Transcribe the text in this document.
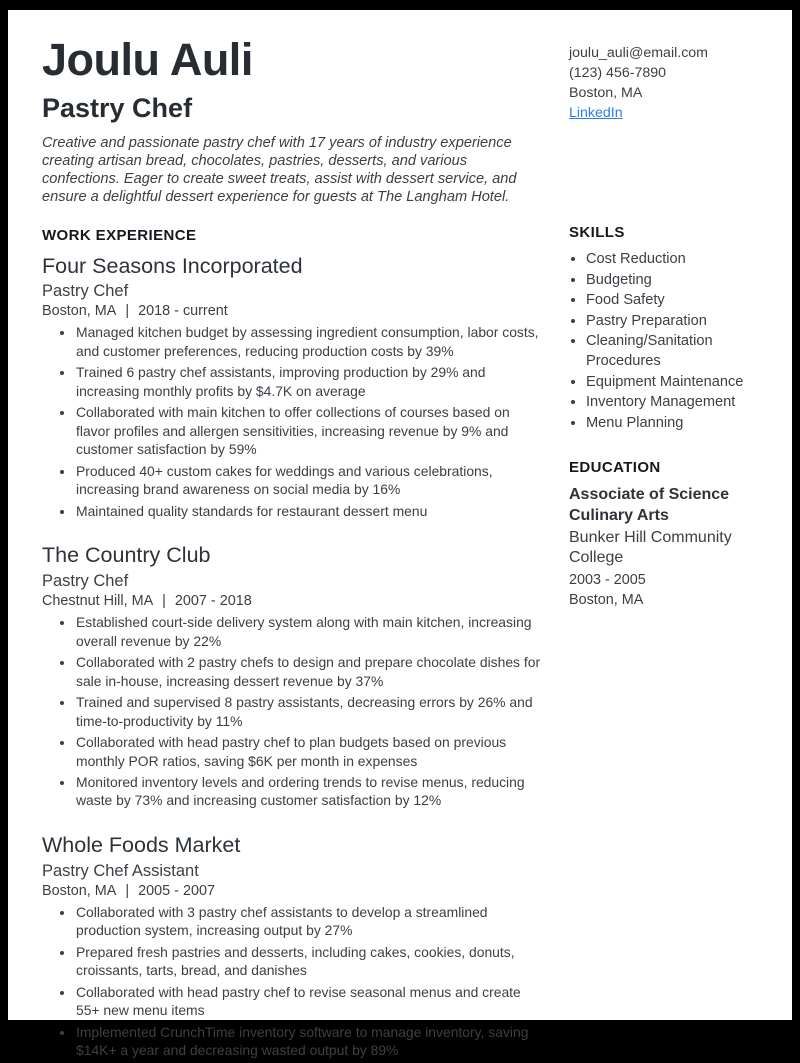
Joulu Auli
Pastry Chef

Creative and passionate pastry chef with 17 years of industry experience creating artisan bread, chocolates, pastries, desserts, and various confections. Eager to create sweet treats, assist with dessert service, and ensure a delightful dessert experience for guests at The Langham Hotel.

WORK EXPERIENCE
Four Seasons Incorporated
Pastry Chef
Boston, MA | 2018 - current
• Managed kitchen budget by assessing ingredient consumption, labor costs, and customer preferences, reducing production costs by 39%
• Trained 6 pastry chef assistants, improving production by 29% and increasing monthly profits by $4.7K on average
• Collaborated with main kitchen to offer collections of courses based on flavor profiles and allergen sensitivities, increasing revenue by 9% and customer satisfaction by 59%
• Produced 40+ custom cakes for weddings and various celebrations, increasing brand awareness on social media by 16%
• Maintained quality standards for restaurant dessert menu
The Country Club
Pastry Chef
Chestnut Hill, MA | 2007 - 2018
• Established court-side delivery system along with main kitchen, increasing overall revenue by 22%
• Collaborated with 2 pastry chefs to design and prepare chocolate dishes for sale in-house, increasing dessert revenue by 37%
• Trained and supervised 8 pastry assistants, decreasing errors by 26% and time-to-productivity by 11%
• Collaborated with head pastry chef to plan budgets based on previous monthly POR ratios, saving $6K per month in expenses
• Monitored inventory levels and ordering trends to revise menus, reducing waste by 73% and increasing customer satisfaction by 12%
Whole Foods Market
Pastry Chef Assistant
Boston, MA | 2005 - 2007
• Collaborated with 3 pastry chef assistants to develop a streamlined production system, increasing output by 27%
• Prepared fresh pastries and desserts, including cakes, cookies, donuts, croissants, tarts, bread, and danishes
• Collaborated with head pastry chef to revise seasonal menus and create 55+ new menu items
• Implemented CrunchTime inventory software to manage inventory, saving $14K+ a year and decreasing wasted output by 89%
joulu_auli@email.com
(123) 456-7890
Boston, MA
LinkedIn
SKILLS
• Cost Reduction
• Budgeting
• Food Safety
• Pastry Preparation
• Cleaning/Sanitation Procedures
• Equipment Maintenance
• Inventory Management
• Menu Planning
EDUCATION
Associate of Science
Culinary Arts
Bunker Hill Community College
2003 - 2005
Boston, MA
